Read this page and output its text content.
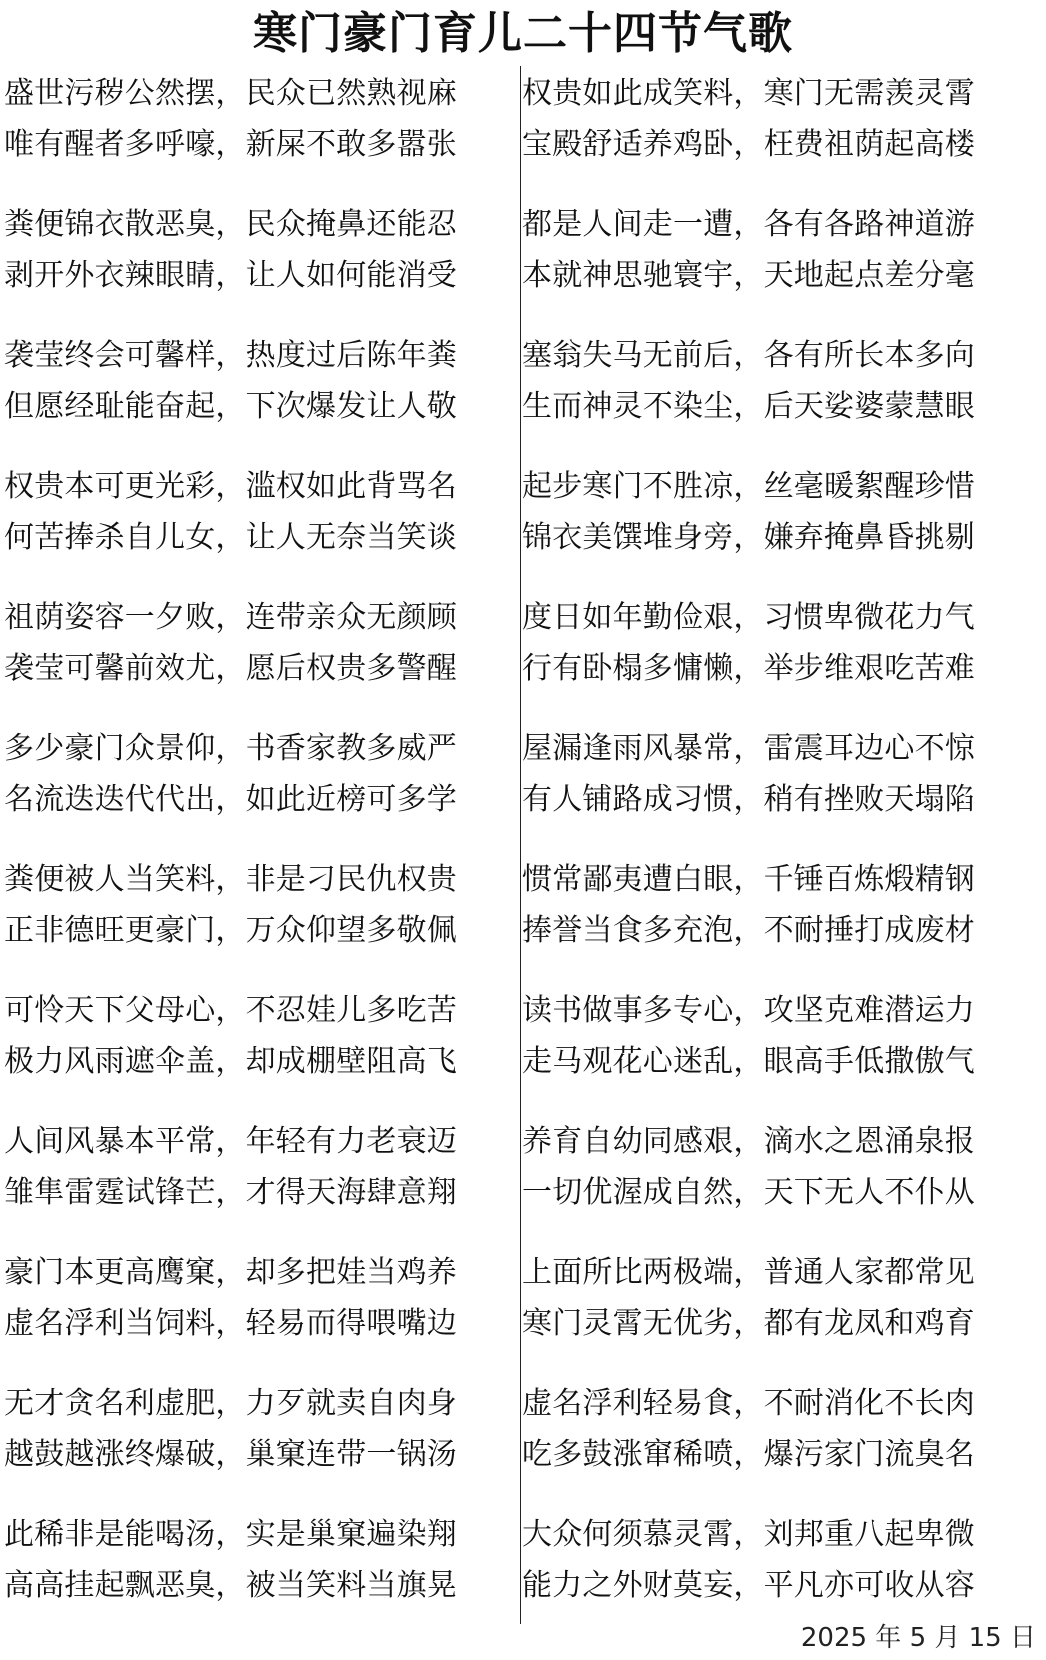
寒门豪门育儿二十四节气歌
盛世污秽公然摆，民众已然熟视麻
唯有醒者多呼嚎，新屎不敢多嚣张
粪便锦衣散恶臭，民众掩鼻还能忍
剥开外衣辣眼睛，让人如何能消受
袭莹终会可馨样，热度过后陈年粪
但愿经耻能奋起，下次爆发让人敬
权贵本可更光彩，滥权如此背骂名
何苦捧杀自儿女，让人无奈当笑谈
祖荫姿容一夕败，连带亲众无颜顾
袭莹可馨前效尤，愿后权贵多警醒
多少豪门众景仰，书香家教多威严
名流迭迭代代出，如此近榜可多学
粪便被人当笑料，非是刁民仇权贵
正非德旺更豪门，万众仰望多敬佩
可怜天下父母心，不忍娃儿多吃苦
极力风雨遮伞盖，却成棚壁阻高飞
人间风暴本平常，年轻有力老衰迈
雏隼雷霆试锋芒，才得天海肆意翔
豪门本更高鹰窠，却多把娃当鸡养
虚名浮利当饲料，轻易而得喂嘴边
无才贪名利虚肥，力歹就卖自肉身
越鼓越涨终爆破，巢窠连带一锅汤
此稀非是能喝汤，实是巢窠遍染翔
高高挂起飘恶臭，被当笑料当旗晃
权贵如此成笑料，寒门无需羡灵霄
宝殿舒适养鸡卧，枉费祖荫起高楼
都是人间走一遭，各有各路神道游
本就神思驰寰宇，天地起点差分毫
塞翁失马无前后，各有所长本多向
生而神灵不染尘，后天娑婆蒙慧眼
起步寒门不胜凉，丝毫暖絮醒珍惜
锦衣美馔堆身旁，嫌弃掩鼻昏挑剔
度日如年勤俭艰，习惯卑微花力气
行有卧榻多慵懒，举步维艰吃苦难
屋漏逢雨风暴常，雷震耳边心不惊
有人铺路成习惯，稍有挫败天塌陷
惯常鄙夷遭白眼，千锤百炼煅精钢
捧誉当食多充泡，不耐捶打成废材
读书做事多专心，攻坚克难潜运力
走马观花心迷乱，眼高手低撒傲气
养育自幼同感艰，滴水之恩涌泉报
一切优渥成自然，天下无人不仆从
上面所比两极端，普通人家都常见
寒门灵霄无优劣，都有龙凤和鸡育
虚名浮利轻易食，不耐消化不长肉
吃多鼓涨窜稀喷，爆污家门流臭名
大众何须慕灵霄，刘邦重八起卑微
能力之外财莫妄，平凡亦可收从容
2025 年 5 月 15 日
